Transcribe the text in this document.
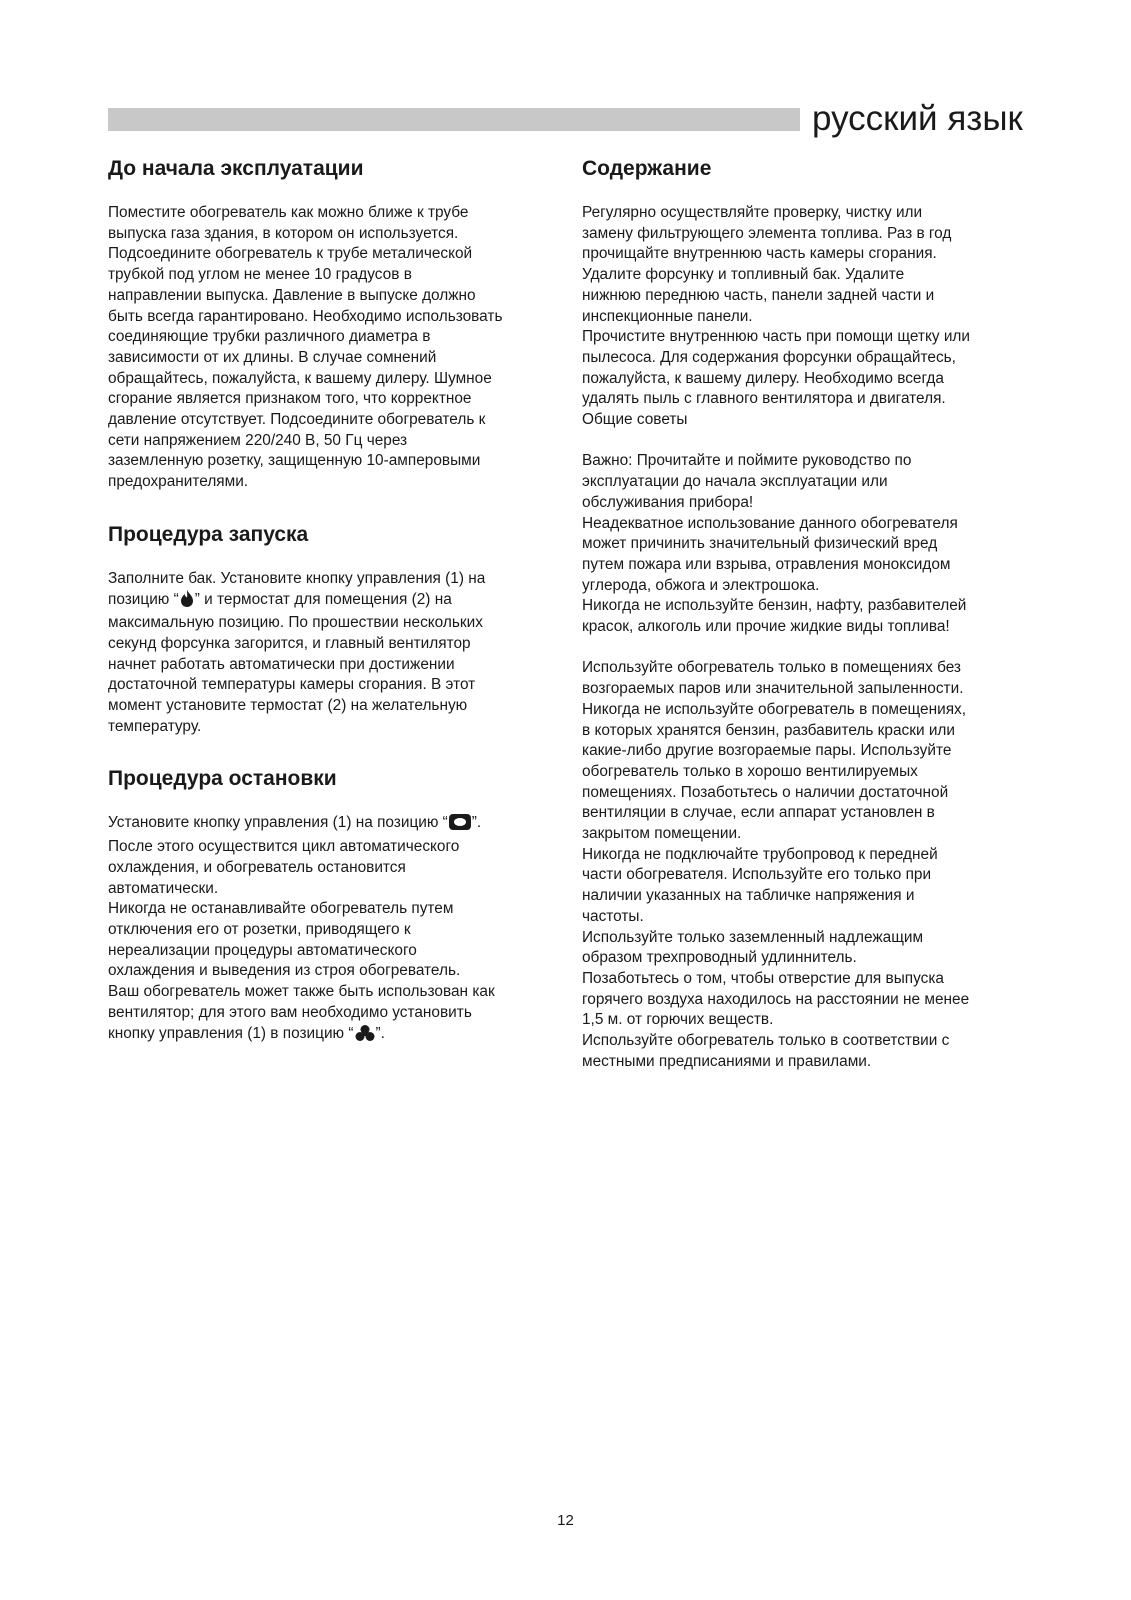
русский язык
До начала эксплуатации

Поместите обогреватель как можно ближе к трубе
выпуска газа здания, в котором он используется.
Подсоедините обогреватель к трубе металической
трубкой под углом не менее 10 градусов в
направлении выпуска. Давление в выпуске должно
быть всегда гарантировано. Необходимо использовать
соединяющие трубки различного диаметра в
зависимости от их длины. В случае сомнений
обращайтесь, пожалуйста, к вашему дилеру. Шумное
сгорание является признаком того, что корректное
давление отсутствует. Подсоедините обогреватель к
сети напряжением 220/240 В, 50 Гц через
заземленную розетку, защищенную 10-амперовыми
предохранителями.

Процедура запуска

Заполните бак. Установите кнопку управления (1) на
позицию “ ” и термостат для помещения (2) на

максимальную позицию. По прошествии нескольких
секунд форсунка загорится, и главный вентилятор
начнет работать автоматически при достижении
достаточной температуры камеры сгорания. В этот
момент установите термостат (2) на желательную
температуру.

Процедура остановки

Установите кнопку управления (1) на позицию “ ”.

После этого осуществится цикл автоматического
охлаждения, и обогреватель остановится
автоматически.
Никогда не останавливайте обогреватель путем
отключения его от розетки, приводящего к
нереализации процедуры автоматического
охлаждения и выведения из строя обогреватель.
Ваш обогреватель может также быть использован как
вентилятор; для этого вам необходимо установить

кнопку управления (1) в позицию “ ”.

Содержание

Регулярно осуществляйте проверку, чистку или
замену фильтрующего элемента топлива. Раз в год
прочищайте внутреннюю часть камеры сгорания.
Удалите форсунку и топливный бак. Удалите
нижнюю переднюю часть, панели задней части и
инспекционные панели.
Прочистите внутреннюю часть при помощи щетку или
пылесоса. Для содержания форсунки обращайтесь,
пожалуйста, к вашему дилеру. Необходимо всегда
удалять пыль с главного вентилятора и двигателя.
Общие советы

Важно: Прочитайте и поймите руководство по
эксплуатации до начала эксплуатации или
обслуживания прибора!
Неадекватное использование данного обогревателя
может причинить значительный физический вред
путем пожара или взрыва, отравления моноксидом
углерода, обжога и электрошока.
Никогда не используйте бензин, нафту, разбавителей
красок, алкоголь или прочие жидкие виды топлива!

Используйте обогреватель только в помещениях без
возгораемых паров или значительной запыленности.
Никогда не используйте обогреватель в помещениях,
в которых хранятся бензин, разбавитель краски или
какие-либо другие возгораемые пары. Используйте
обогреватель только в хорошо вентилируемых
помещениях. Позаботьтесь о наличии достаточной
вентиляции в случае, если аппарат установлен в
закрытом помещении.
Никогда не подключайте трубопровод к передней
части обогревателя. Используйте его только при
наличии указанных на табличке напряжения и
частоты.
Используйте только заземленный надлежащим
образом трехпроводный удлиннитель.
Позаботьтесь о том, чтобы отверстие для выпуска
горячего воздуха находилось на расстоянии не менее
1,5 м. от горючих веществ.
Используйте обогреватель только в соответствии с
местными предписаниями и правилами.

12
